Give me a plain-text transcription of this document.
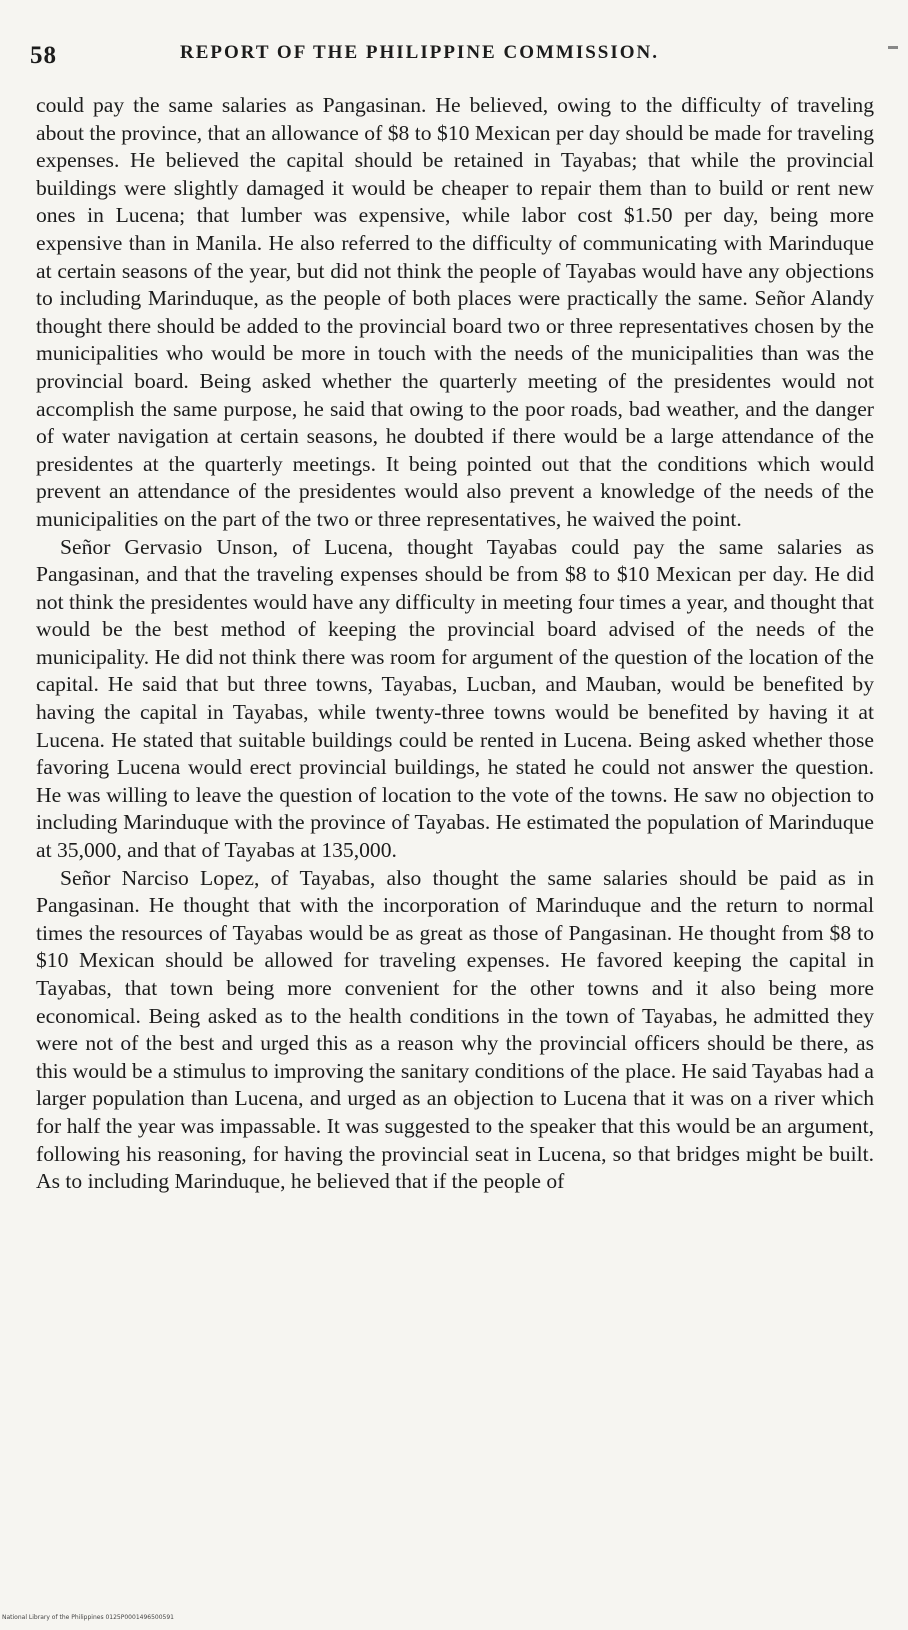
58	REPORT OF THE PHILIPPINE COMMISSION.

could pay the same salaries as Pangasinan. He believed, owing to the difficulty of traveling about the province, that an allowance of $8 to $10 Mexican per day should be made for traveling expenses. He believed the capital should be retained in Tayabas; that while the provincial buildings were slightly damaged it would be cheaper to repair them than to build or rent new ones in Lucena; that lumber was expensive, while labor cost $1.50 per day, being more expensive than in Manila. He also referred to the difficulty of communicating with Marinduque at certain seasons of the year, but did not think the people of Tayabas would have any objections to including Marinduque, as the people of both places were practically the same. Señor Alandy thought there should be added to the provincial board two or three representatives chosen by the municipalities who would be more in touch with the needs of the municipalities than was the provincial board. Being asked whether the quarterly meeting of the presidentes would not accomplish the same purpose, he said that owing to the poor roads, bad weather, and the danger of water navigation at certain seasons, he doubted if there would be a large attendance of the presidentes at the quarterly meetings. It being pointed out that the conditions which would prevent an attendance of the presidentes would also prevent a knowledge of the needs of the municipalities on the part of the two or three representatives, he waived the point.

Señor Gervasio Unson, of Lucena, thought Tayabas could pay the same salaries as Pangasinan, and that the traveling expenses should be from $8 to $10 Mexican per day. He did not think the presidentes would have any difficulty in meeting four times a year, and thought that would be the best method of keeping the provincial board advised of the needs of the municipality. He did not think there was room for argument of the question of the location of the capital. He said that but three towns, Tayabas, Lucban, and Mauban, would be benefited by having the capital in Tayabas, while twenty-three towns would be benefited by having it at Lucena. He stated that suitable buildings could be rented in Lucena. Being asked whether those favoring Lucena would erect provincial buildings, he stated he could not answer the question. He was willing to leave the question of location to the vote of the towns. He saw no objection to including Marinduque with the province of Tayabas. He estimated the population of Marinduque at 35,000, and that of Tayabas at 135,000.

Señor Narciso Lopez, of Tayabas, also thought the same salaries should be paid as in Pangasinan. He thought that with the incorporation of Marinduque and the return to normal times the resources of Tayabas would be as great as those of Pangasinan. He thought from $8 to $10 Mexican should be allowed for traveling expenses. He favored keeping the capital in Tayabas, that town being more convenient for the other towns and it also being more economical. Being asked as to the health conditions in the town of Tayabas, he admitted they were not of the best and urged this as a reason why the provincial officers should be there, as this would be a stimulus to improving the sanitary conditions of the place. He said Tayabas had a larger population than Lucena, and urged as an objection to Lucena that it was on a river which for half the year was impassable. It was suggested to the speaker that this would be an argument, following his reasoning, for having the provincial seat in Lucena, so that bridges might be built. As to including Marinduque, he believed that if the people of

National Library of the Philippines 0125P0001496500591
